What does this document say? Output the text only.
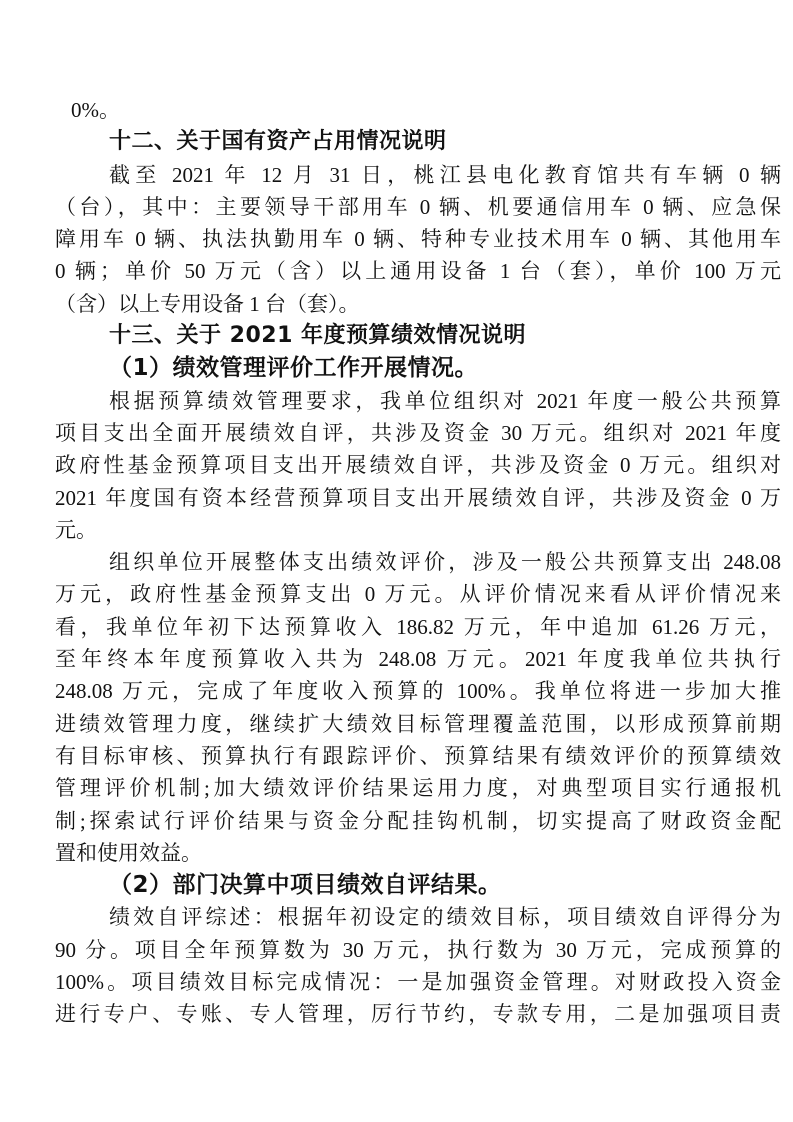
0%。
十二、关于国有资产占用情况说明
截至 2021 年 12 月 31 日，桃江县电化教育馆共有车辆 0 辆
（台），其中：主要领导干部用车 0 辆、机要通信用车 0 辆、应急保
障用车 0 辆、执法执勤用车 0 辆、特种专业技术用车 0 辆、其他用车
0 辆；单价 50 万元（含）以上通用设备 1 台（套），单价 100 万元
（含）以上专用设备 1 台（套）。
十三、关于 2021 年度预算绩效情况说明
（1）绩效管理评价工作开展情况。
根据预算绩效管理要求，我单位组织对 2021 年度一般公共预算
项目支出全面开展绩效自评，共涉及资金 30 万元。组织对 2021 年度
政府性基金预算项目支出开展绩效自评，共涉及资金 0 万元。组织对
2021 年度国有资本经营预算项目支出开展绩效自评，共涉及资金 0 万
元。
组织单位开展整体支出绩效评价，涉及一般公共预算支出 248.08
万元，政府性基金预算支出 0 万元。从评价情况来看从评价情况来
看，我单位年初下达预算收入 186.82 万元，年中追加 61.26 万元，
至年终本年度预算收入共为 248.08 万元。2021 年度我单位共执行
248.08 万元，完成了年度收入预算的 100%。我单位将进一步加大推
进绩效管理力度，继续扩大绩效目标管理覆盖范围，以形成预算前期
有目标审核、预算执行有跟踪评价、预算结果有绩效评价的预算绩效
管理评价机制;加大绩效评价结果运用力度，对典型项目实行通报机
制;探索试行评价结果与资金分配挂钩机制，切实提高了财政资金配
置和使用效益。
（2）部门决算中项目绩效自评结果。
绩效自评综述：根据年初设定的绩效目标，项目绩效自评得分为
90 分。项目全年预算数为 30 万元，执行数为 30 万元，完成预算的
100%。项目绩效目标完成情况：一是加强资金管理。对财政投入资金
进行专户、专账、专人管理，厉行节约，专款专用，二是加强项目责
